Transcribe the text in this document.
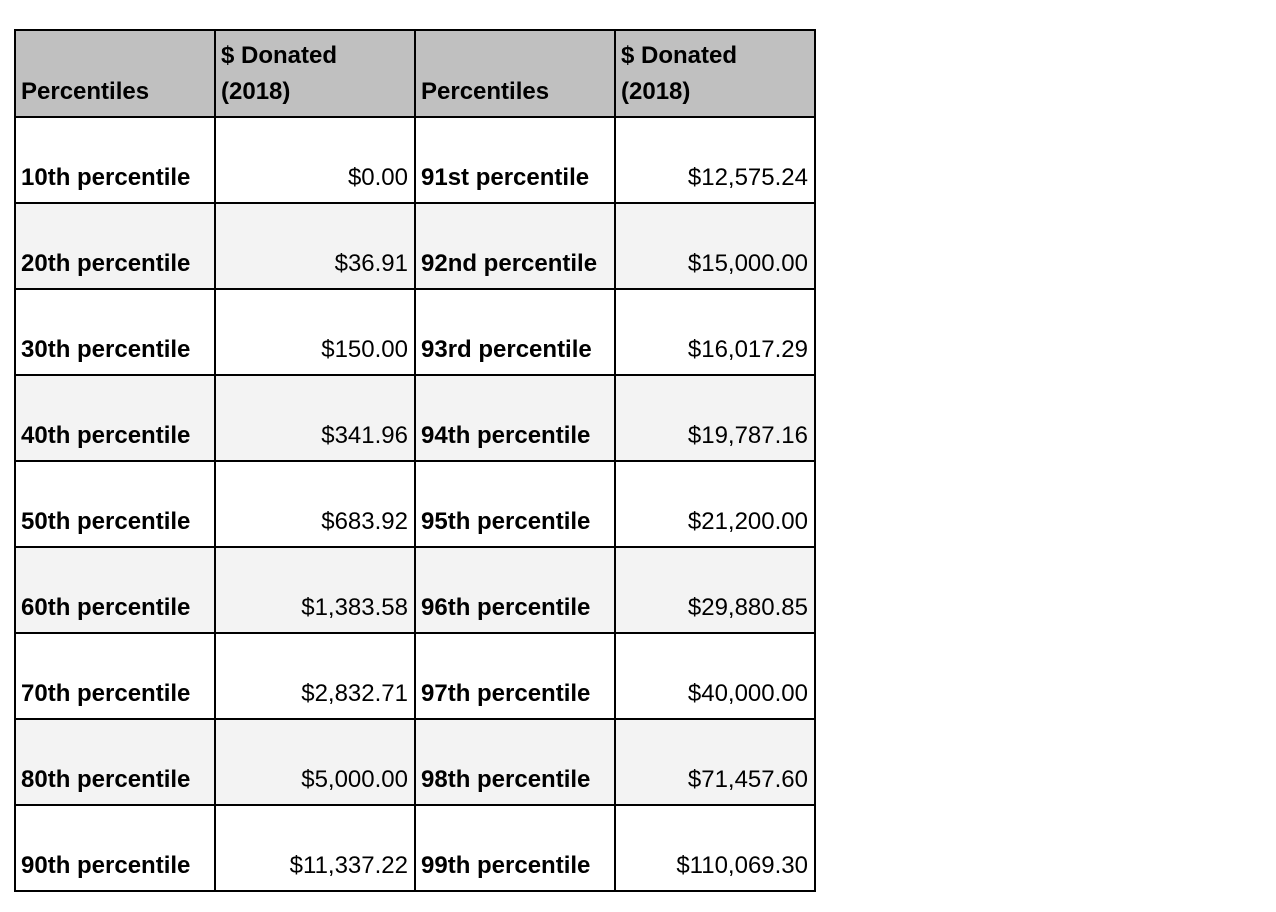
Percentiles	$ Donated (2018)	Percentiles	$ Donated (2018)
10th percentile	$0.00	91st percentile	$12,575.24
20th percentile	$36.91	92nd percentile	$15,000.00
30th percentile	$150.00	93rd percentile	$16,017.29
40th percentile	$341.96	94th percentile	$19,787.16
50th percentile	$683.92	95th percentile	$21,200.00
60th percentile	$1,383.58	96th percentile	$29,880.85
70th percentile	$2,832.71	97th percentile	$40,000.00
80th percentile	$5,000.00	98th percentile	$71,457.60
90th percentile	$11,337.22	99th percentile	$110,069.30
